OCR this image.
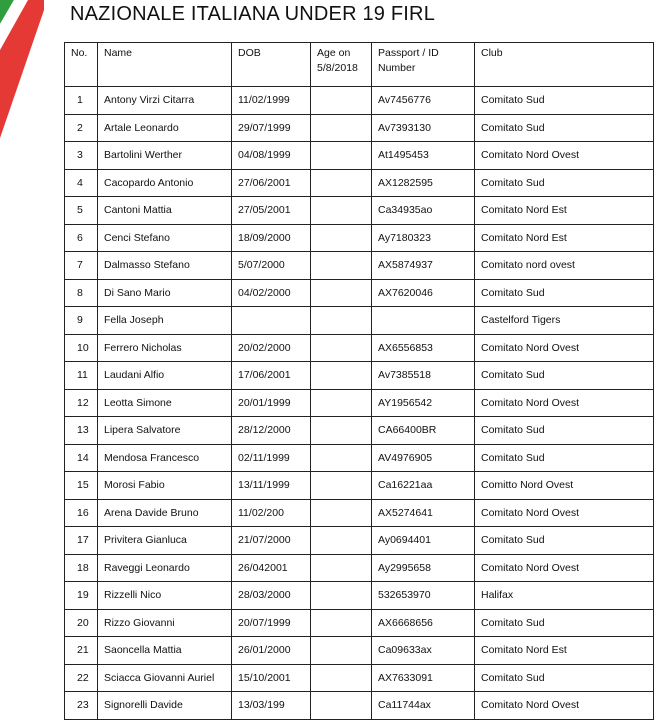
NAZIONALE ITALIANA UNDER 19 FIRL
No.	Name	DOB	Age on 5/8/2018	Passport / ID Number	Club
1	Antony Virzi Citarra	11/02/1999		Av7456776	Comitato Sud
2	Artale Leonardo	29/07/1999		Av7393130	Comitato Sud
3	Bartolini Werther	04/08/1999		At1495453	Comitato Nord Ovest
4	Cacopardo Antonio	27/06/2001		AX1282595	Comitato Sud
5	Cantoni Mattia	27/05/2001		Ca34935ao	Comitato Nord Est
6	Cenci Stefano	18/09/2000		Ay7180323	Comitato Nord Est
7	Dalmasso Stefano	5/07/2000		AX5874937	Comitato nord ovest
8	Di Sano Mario	04/02/2000		AX7620046	Comitato Sud
9	Fella Joseph				Castelford Tigers
10	Ferrero Nicholas	20/02/2000		AX6556853	Comitato Nord Ovest
11	Laudani Alfio	17/06/2001		Av7385518	Comitato Sud
12	Leotta Simone	20/01/1999		AY1956542	Comitato Nord Ovest
13	Lipera Salvatore	28/12/2000		CA66400BR	Comitato Sud
14	Mendosa Francesco	02/11/1999		AV4976905	Comitato Sud
15	Morosi Fabio	13/11/1999		Ca16221aa	Comitto Nord Ovest
16	Arena Davide Bruno	11/02/200		AX5274641	Comitato Nord Ovest
17	Privitera Gianluca	21/07/2000		Ay0694401	Comitato Sud
18	Raveggi Leonardo	26/042001		Ay2995658	Comitato Nord Ovest
19	Rizzelli Nico	28/03/2000		532653970	Halifax
20	Rizzo Giovanni	20/07/1999		AX6668656	Comitato Sud
21	Saoncella Mattia	26/01/2000		Ca09633ax	Comitato Nord Est
22	Sciacca Giovanni Auriel	15/10/2001		AX7633091	Comitato Sud
23	Signorelli Davide	13/03/199		Ca11744ax	Comitato Nord Ovest
